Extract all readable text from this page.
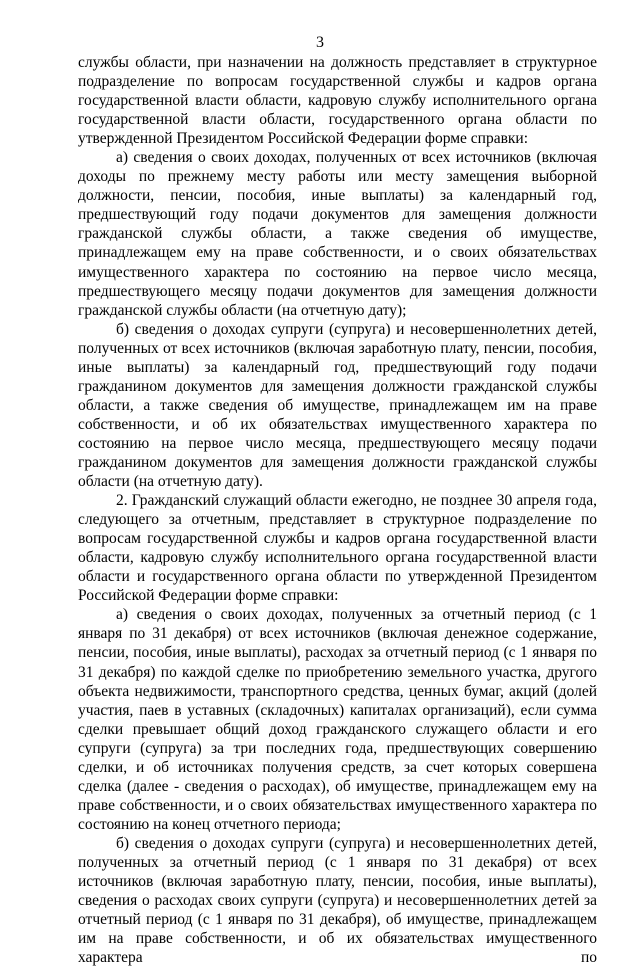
3

службы области, при назначении на должность представляет в структурное подразделение по вопросам государственной службы и кадров органа государственной власти области, кадровую службу исполнительного органа государственной власти области, государственного органа области по утвержденной Президентом Российской Федерации форме справки:

а) сведения о своих доходах, полученных от всех источников (включая доходы по прежнему месту работы или месту замещения выборной должности, пенсии, пособия, иные выплаты) за календарный год, предшествующий году подачи документов для замещения должности гражданской службы области, а также сведения об имуществе, принадлежащем ему на праве собственности, и о своих обязательствах имущественного характера по состоянию на первое число месяца, предшествующего месяцу подачи документов для замещения должности гражданской службы области (на отчетную дату);

б) сведения о доходах супруги (супруга) и несовершеннолетних детей, полученных от всех источников (включая заработную плату, пенсии, пособия, иные выплаты) за календарный год, предшествующий году подачи гражданином документов для замещения должности гражданской службы области, а также сведения об имуществе, принадлежащем им на праве собственности, и об их обязательствах имущественного характера по состоянию на первое число месяца, предшествующего месяцу подачи гражданином документов для замещения должности гражданской службы области (на отчетную дату).

2. Гражданский служащий области ежегодно, не позднее 30 апреля года, следующего за отчетным, представляет в структурное подразделение по вопросам государственной службы и кадров органа государственной власти области, кадровую службу исполнительного органа государственной власти области и государственного органа области по утвержденной Президентом Российской Федерации форме справки:

а) сведения о своих доходах, полученных за отчетный период (с 1 января по 31 декабря) от всех источников (включая денежное содержание, пенсии, пособия, иные выплаты), расходах за отчетный период (с 1 января по 31 декабря) по каждой сделке по приобретению земельного участка, другого объекта недвижимости, транспортного средства, ценных бумаг, акций (долей участия, паев в уставных (складочных) капиталах организаций), если сумма сделки превышает общий доход гражданского служащего области и его супруги (супруга) за три последних года, предшествующих совершению сделки, и об источниках получения средств, за счет которых совершена сделка (далее - сведения о расходах), об имуществе, принадлежащем ему на праве собственности, и о своих обязательствах имущественного характера по состоянию на конец отчетного периода;

б) сведения о доходах супруги (супруга) и несовершеннолетних детей, полученных за отчетный период (с 1 января по 31 декабря) от всех источников (включая заработную плату, пенсии, пособия, иные выплаты), сведения о расходах своих супруги (супруга) и несовершеннолетних детей за отчетный период (с 1 января по 31 декабря), об имуществе, принадлежащем им на праве собственности, и об их обязательствах имущественного характера по
